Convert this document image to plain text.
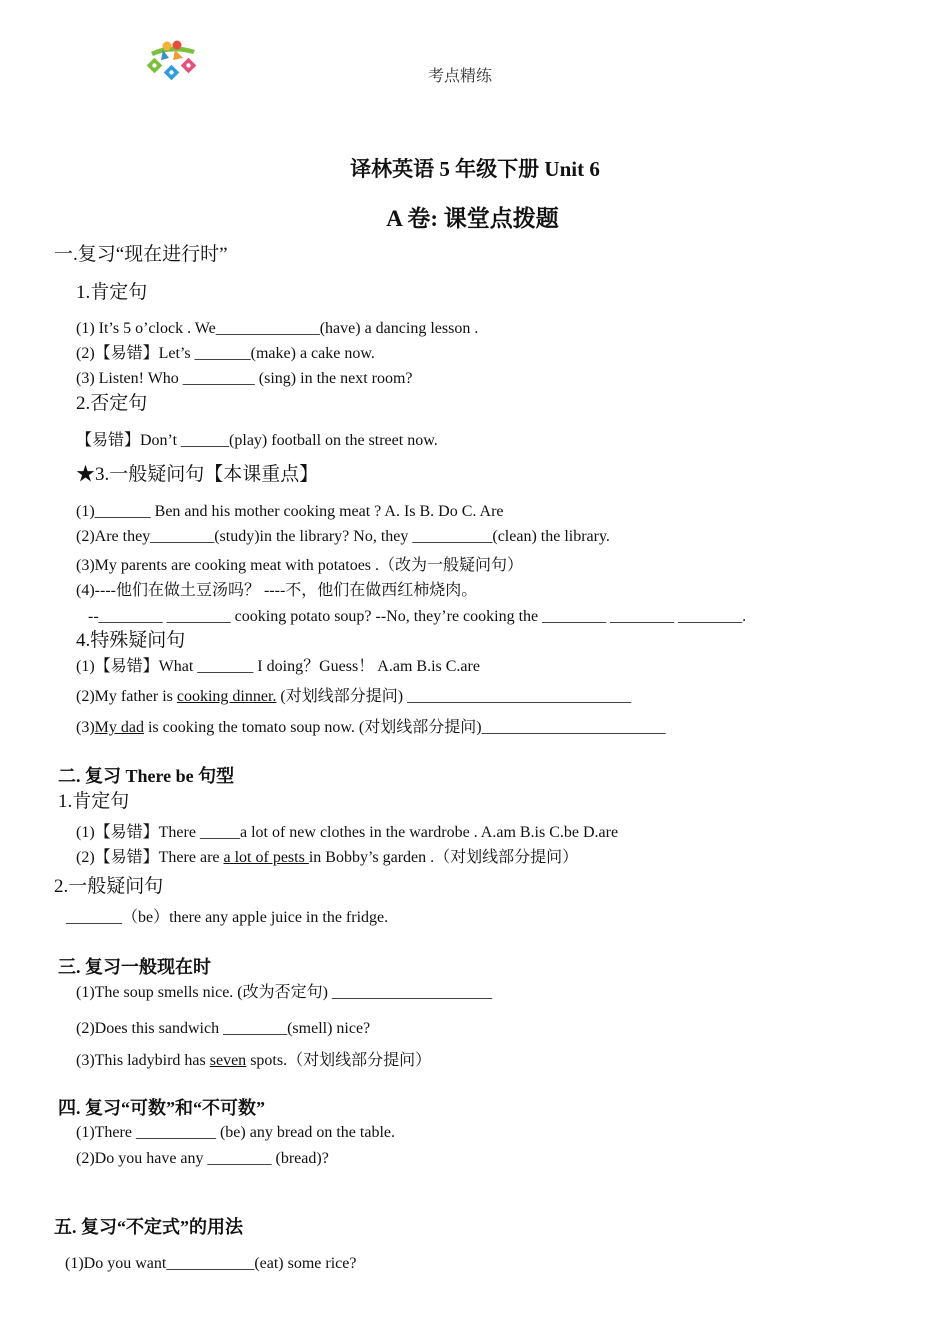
考点精练
译林英语 5 年级下册 Unit 6
A 卷: 课堂点拨题
一.复习“现在进行时”
1.肯定句
(1) It’s 5 o’clock . We_____________(have) a dancing lesson .
(2)【易错】Let’s _______(make) a cake now.
(3) Listen! Who _________ (sing) in the next room?
2.否定句
【易错】Don’t ______(play) football on the street now.
★3.一般疑问句【本课重点】
(1)_______ Ben and his mother cooking meat ? A. Is B. Do C. Are
(2)Are they________(study)in the library? No, they __________(clean) the library.
(3)My parents are cooking meat with potatoes .（改为一般疑问句）
(4)----他们在做土豆汤吗？ ----不，他们在做西红柿烧肉。
--________ ________ cooking potato soup? --No, they’re cooking the ________ ________ ________.
4.特殊疑问句
(1)【易错】What _______ I doing？Guess！ A.am B.is C.are
(2)My father is cooking dinner. (对划线部分提问) ____________________________
(3)My dad is cooking the tomato soup now. (对划线部分提问)_______________________
二. 复习 There be 句型
1.肯定句
(1)【易错】There _____a lot of new clothes in the wardrobe . A.am B.is C.be D.are
(2)【易错】There are a lot of pests in Bobby’s garden .（对划线部分提问）
2.一般疑问句
_______（be）there any apple juice in the fridge.
三. 复习一般现在时
(1)The soup smells nice. (改为否定句) ____________________
(2)Does this sandwich ________(smell) nice?
(3)This ladybird has seven spots.（对划线部分提问）
四. 复习“可数”和“不可数”
(1)There __________ (be) any bread on the table.
(2)Do you have any ________ (bread)?
五. 复习“不定式”的用法
(1)Do you want___________(eat) some rice?
